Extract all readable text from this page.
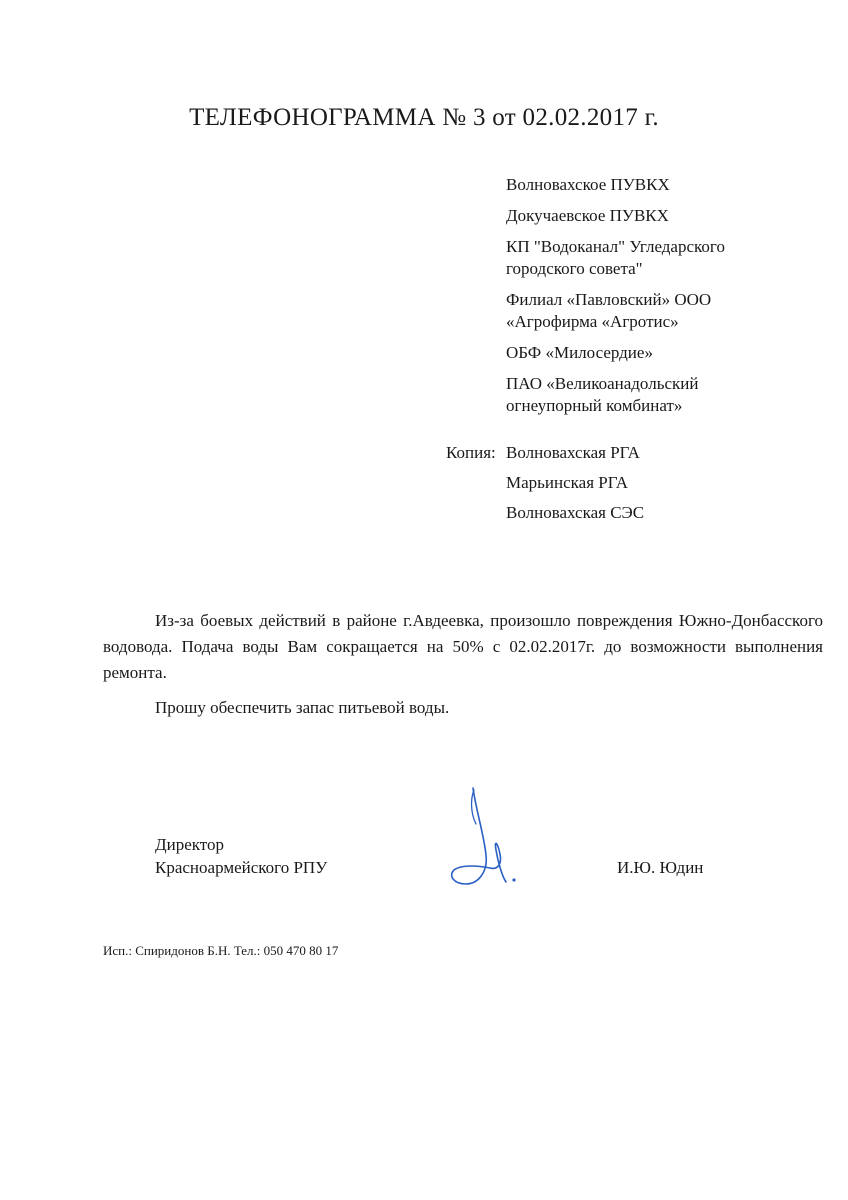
ТЕЛЕФОНОГРАММА № 3 от 02.02.2017 г.
Волновахское ПУВКХ
Докучаевское ПУВКХ
КП "Водоканал" Угледарского
городского совета"
Филиал «Павловский» ООО
«Агрофирма «Агротис»
ОБФ «Милосердие»
ПАО «Великоанадольский
огнеупорный комбинат»
Копия: Волновахская РГА
Марьинская РГА
Волновахская СЭС

Из-за боевых действий в районе г.Авдеевка, произошло повреждения Южно-Донбасского водовода. Подача воды Вам сокращается на 50% с 02.02.2017г. до возможности выполнения ремонта.

Прошу обеспечить запас питьевой воды.

Директор
Красноармейского РПУ	И.Ю. Юдин
Исп.: Спиридонов Б.Н. Тел.: 050 470 80 17
